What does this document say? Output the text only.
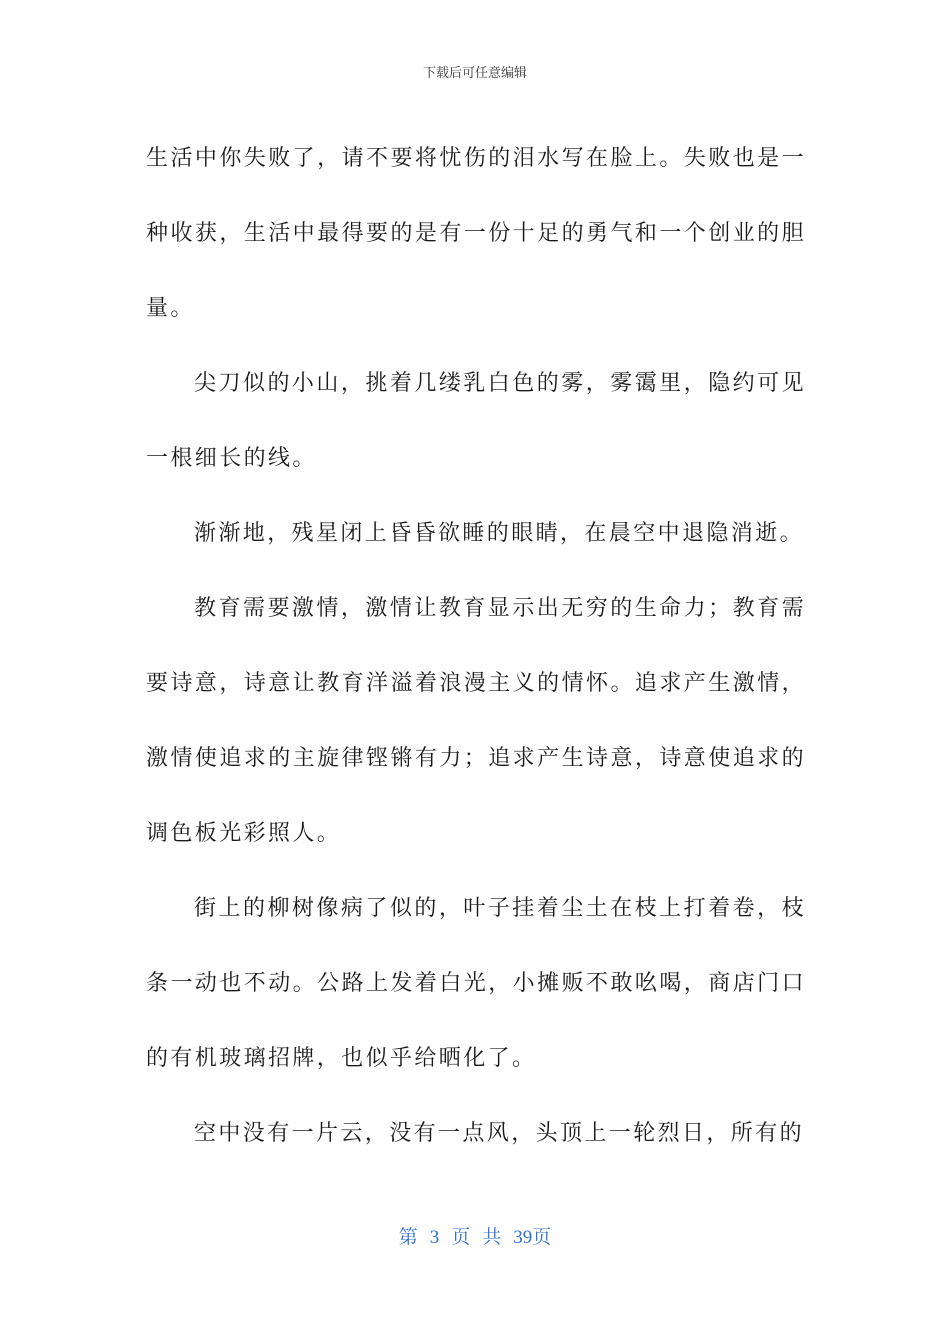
下载后可任意编辑

生活中你失败了，请不要将忧伤的泪水写在脸上。失败也是一种收获，生活中最得要的是有一份十足的勇气和一个创业的胆量。

尖刀似的小山，挑着几缕乳白色的雾，雾霭里，隐约可见一根细长的线。

渐渐地，残星闭上昏昏欲睡的眼睛，在晨空中退隐消逝。

教育需要激情，激情让教育显示出无穷的生命力；教育需要诗意，诗意让教育洋溢着浪漫主义的情怀。追求产生激情，激情使追求的主旋律铿锵有力；追求产生诗意，诗意使追求的调色板光彩照人。

街上的柳树像病了似的，叶子挂着尘土在枝上打着卷，枝条一动也不动。公路上发着白光，小摊贩不敢吆喝，商店门口的有机玻璃招牌，也似乎给晒化了。

空中没有一片云，没有一点风，头顶上一轮烈日，所有的

第 3 页 共 39页
